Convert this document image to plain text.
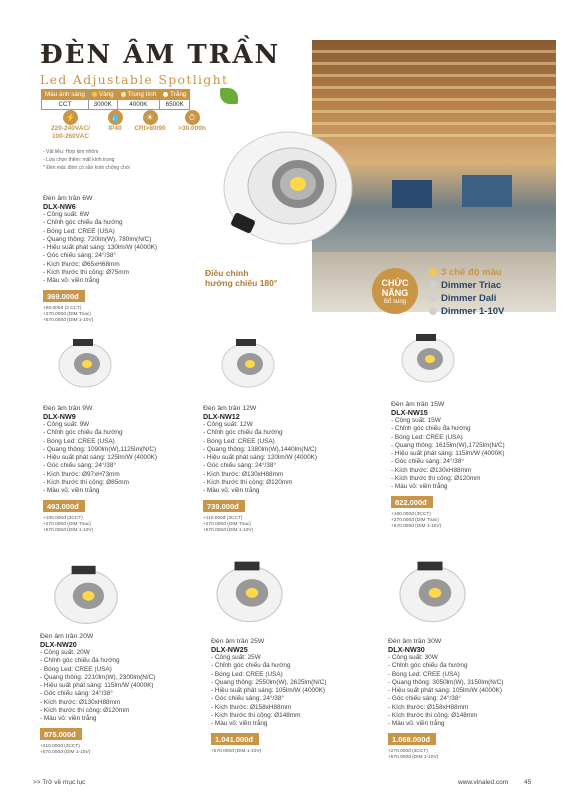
ĐÈN ÂM TRẦN
Led Adjustable Spotlight
Màu ánh sáng	Vàng	Trung tính	Trắng
CCT	3000K	4000K	6500K
⚡
220-240VAC/
100-260VAC
💧
IP40
☀
CRI>80/90
⏱
>30.000h
- Vật liệu: Hợp kim nhôm
- Lựa chọn thêm: mặt kính trong
* Đèn mặc định có sẵn kính chống chói
Điều chỉnh
hướng chiếu 180°	CHỨC
NĂNG
Bổ sung
3 chế độ màu
Dimmer Triac
Dimmer Dali
Dimmer 1-10V
Đèn âm trần 6W
DLX-NW6
- Công suất: 6W
- Chỉnh góc chiếu đa hướng
- Bóng Led: CREE (USA)
- Quang thông: 720lm(W), 780lm(N/C)
- Hiệu suất phát sáng: 130lm/W (4000K)
- Góc chiếu sáng: 24°/38°
- Kích thước: Ø65xH68mm
- Kích thước thi công: Ø75mm
- Màu vỏ: viền trắng
369.000đ
+90.000đ (3 CCT)
+270.000đ (DIM Triac)
+570.000đ (DIM 1-10V)
Đèn âm trần 9W
DLX-NW9
- Công suất: 9W
- Chỉnh góc chiếu đa hướng
- Bóng Led: CREE (USA)
- Quang thông: 1090lm(W),1125lm(N/C)
- Hiệu suất phát sáng: 125lm/W (4000K)
- Góc chiếu sáng: 24°/38°
- Kích thước: Ø97xH73mm
- Kích thước thi công: Ø85mm
- Màu vỏ: viền trắng
493.000đ
+100.000đ (3CCT)
+270.000đ (DIM Triac)
+570.000đ (DIM 1-10V)
Đèn âm trần 12W
DLX-NW12
- Công suất: 12W
- Chỉnh góc chiếu đa hướng
- Bóng Led: CREE (USA)
- Quang thông: 1380lm(W),1440lm(N/C)
- Hiệu suất phát sáng: 120lm/W (4000K)
- Góc chiếu sáng: 24°/38°
- Kích thước: Ø130xH88mm
- Kích thước thi công: Ø120mm
- Màu vỏ: viền trắng
739.000đ
+110.000đ (3CCT)
+270.000đ (DIM Triac)
+570.000đ (DIM 1-10V)
Đèn âm trần 15W
DLX-NW15
- Công suất: 15W
- Chỉnh góc chiếu đa hướng
- Bóng Led: CREE (USA)
- Quang thông: 1615lm(W),1725lm(N/C)
- Hiệu suất phát sáng: 115lm/W (4000K)
- Góc chiếu sáng: 24°/38°
- Kích thước: Ø130xH88mm
- Kích thước thi công: Ø120mm
- Màu vỏ: viền trắng
822.000đ
+160.000đ (3CCT)
+270.000đ (DIM Triac)
+570.000đ (DIM 1-10V)
Đèn âm trần 20W
DLX-NW20
- Công suất: 20W
- Chỉnh góc chiếu đa hướng
- Bóng Led: CREE (USA)
- Quang thông: 2210lm(W), 2300lm(N/C)
- Hiệu suất phát sáng: 115lm/W (4000K)
- Góc chiếu sáng: 24°/38°
- Kích thước: Ø130xH88mm
- Kích thước thi công: Ø120mm
- Màu vỏ: viền trắng
875.000đ
+210.000đ (3CCT)
+570.000đ (DIM 1-10V)
Đèn âm trần 25W
DLX-NW25
- Công suất: 25W
- Chỉnh góc chiếu đa hướng
- Bóng Led: CREE (USA)
- Quang thông: 2550lm(W), 2625lm(N/C)
- Hiệu suất phát sáng: 105lm/W (4000K)
- Góc chiếu sáng: 24°/38°
- Kích thước: Ø158xH88mm
- Kích thước thi công: Ø148mm
- Màu vỏ: viền trắng
1.041.000đ
+570.000đ (DIM 1-10V)
Đèn âm trần 30W
DLX-NW30
- Công suất: 30W
- Chỉnh góc chiếu đa hướng
- Bóng Led: CREE (USA)
- Quang thông: 3050lm(W), 3150lm(N/C)
- Hiệu suất phát sáng: 105lm/W (4000K)
- Góc chiếu sáng: 24°/38°
- Kích thước: Ø158xH88mm
- Kích thước thi công: Ø148mm
- Màu vỏ: viền trắng
1.068.000đ
+270.000đ (3CCT)
+570.000đ (DIM 1-10V)
>> Trở về mục lục	www.vinaled.com 45
